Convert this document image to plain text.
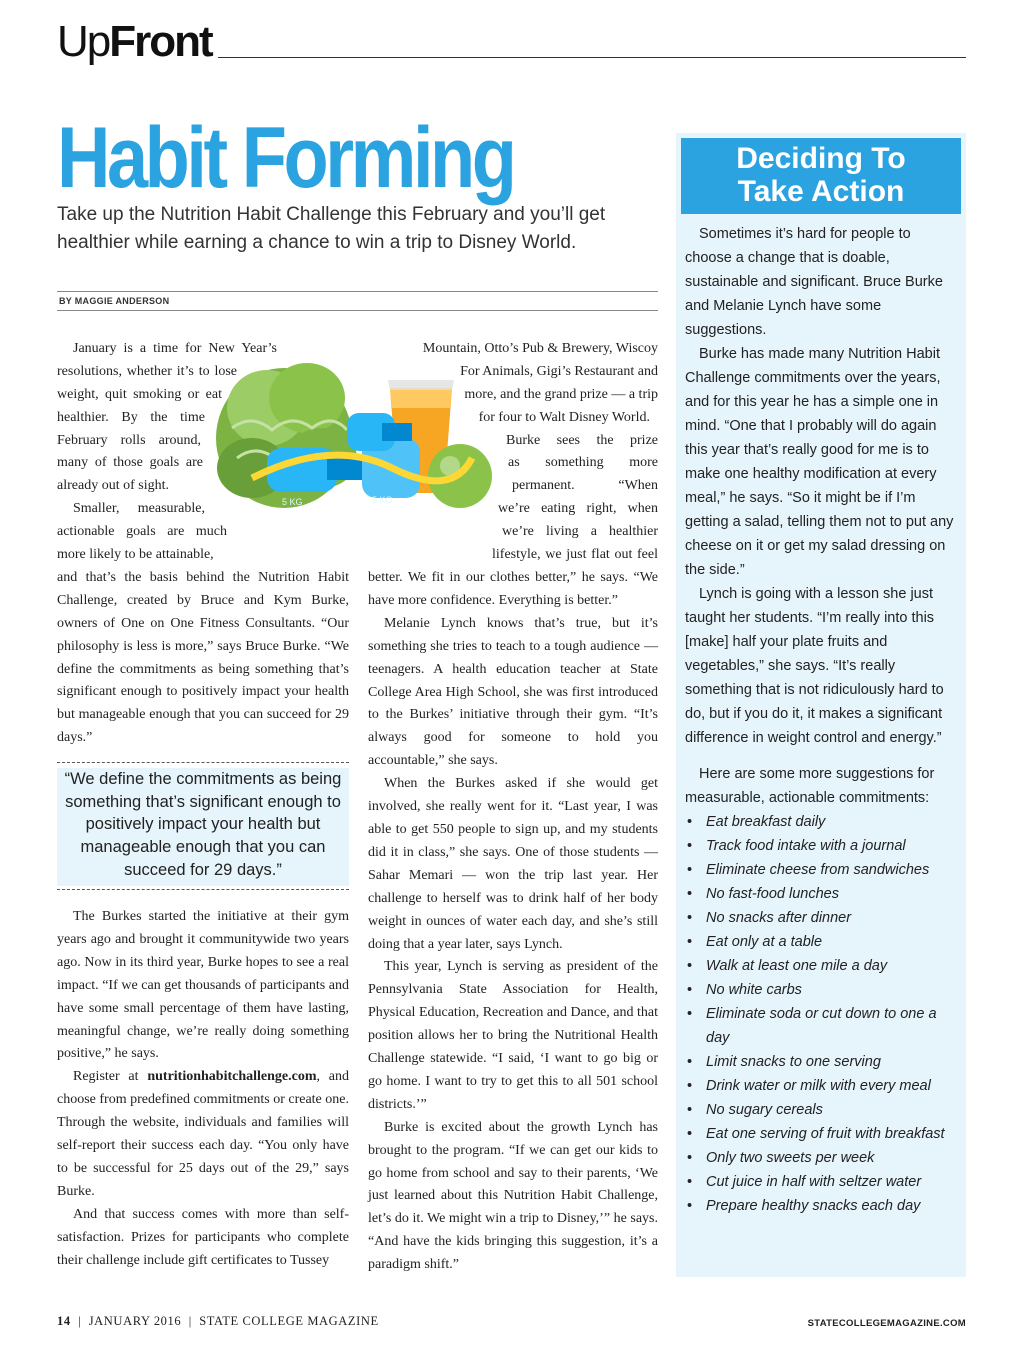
UpFront
Habit Forming
Take up the Nutrition Habit Challenge this February and you’ll get healthier while earning a chance to win a trip to Disney World.
BY MAGGIE ANDERSON
5 KG	5 KG
January is a time for New Year’s
resolutions, whether it’s to lose
weight, quit smoking or eat
healthier. By the time
February rolls around,
many of those goals are
already out of sight.
Smaller, measurable,
actionable goals are much
more likely to be attainable,

and that’s the basis behind the Nutrition Habit Challenge, created by Bruce and Kym Burke, owners of One on One Fitness Consultants. “Our philosophy is less is more,” says Bruce Burke. “We define the commitments as being something that’s significant enough to positively impact your health but manageable enough that you can succeed for 29 days.”

“We define the commitments as being something that’s significant enough to positively impact your health but manageable enough that you can succeed for 29 days.”

The Burkes started the initiative at their gym years ago and brought it communitywide two years ago. Now in its third year, Burke hopes to see a real impact. “If we can get thousands of participants and have some small percentage of them have lasting, meaningful change, we’re really doing something positive,” he says.

Register at nutritionhabitchallenge.com, and choose from predefined commitments or create one. Through the website, individuals and families will self-report their success each day. “You only have to be successful for 25 days out of the 29,” says Burke.

And that success comes with more than self-satisfaction. Prizes for participants who complete their challenge include gift certificates to Tussey

Mountain, Otto’s Pub & Brewery, Wiscoy
For Animals, Gigi’s Restaurant and
more, and the grand prize — a trip
for four to Walt Disney World.
Burke sees the prize
as something more
permanent. “When
we’re eating right, when
we’re living a healthier
lifestyle, we just flat out feel

better. We fit in our clothes better,” he says. “We have more confidence. Everything is better.”

Melanie Lynch knows that’s true, but it’s something she tries to teach to a tough audience — teenagers. A health education teacher at State College Area High School, she was first introduced to the Burkes’ initiative through their gym. “It’s always good for someone to hold you accountable,” she says.

When the Burkes asked if she would get involved, she really went for it. “Last year, I was able to get 550 people to sign up, and my students did it in class,” she says. One of those students — Sahar Memari — won the trip last year. Her challenge to herself was to drink half of her body weight in ounces of water each day, and she’s still doing that a year later, says Lynch.

This year, Lynch is serving as president of the Pennsylvania State Association for Health, Physical Education, Recreation and Dance, and that position allows her to bring the Nutritional Health Challenge statewide. “I said, ‘I want to go big or go home. I want to try to get this to all 501 school districts.’”

Burke is excited about the growth Lynch has brought to the program. “If we can get our kids to go home from school and say to their parents, ‘We just learned about this Nutrition Habit Challenge, let’s do it. We might win a trip to Disney,’” he says. “And have the kids bringing this suggestion, it’s a paradigm shift.”

Deciding To
Take Action

Sometimes it’s hard for people to choose a change that is doable, sustainable and significant. Bruce Burke and Melanie Lynch have some suggestions.

Burke has made many Nutrition Habit Challenge commitments over the years, and for this year he has a simple one in mind. “One that I probably will do again this year that’s really good for me is to make one healthy modification at every meal,” he says. “So it might be if I’m getting a salad, telling them not to put any cheese on it or get my salad dressing on the side.”

Lynch is going with a lesson she just taught her students. “I’m really into this [make] half your plate fruits and vegetables,” she says. “It’s really something that is not ridiculously hard to do, but if you do it, it makes a significant difference in weight control and energy.”

Here are some more suggestions for measurable, actionable commitments:

• Eat breakfast daily
• Track food intake with a journal
• Eliminate cheese from sandwiches
• No fast-food lunches
• No snacks after dinner
• Eat only at a table
• Walk at least one mile a day
• No white carbs
• Eliminate soda or cut down to one a day
• Limit snacks to one serving
• Drink water or milk with every meal
• No sugary cereals
• Eat one serving of fruit with breakfast
• Only two sweets per week
• Cut juice in half with seltzer water
• Prepare healthy snacks each day
14 | JANUARY 2016 | STATE COLLEGE MAGAZINE	STATECOLLEGEMAGAZINE.COM
